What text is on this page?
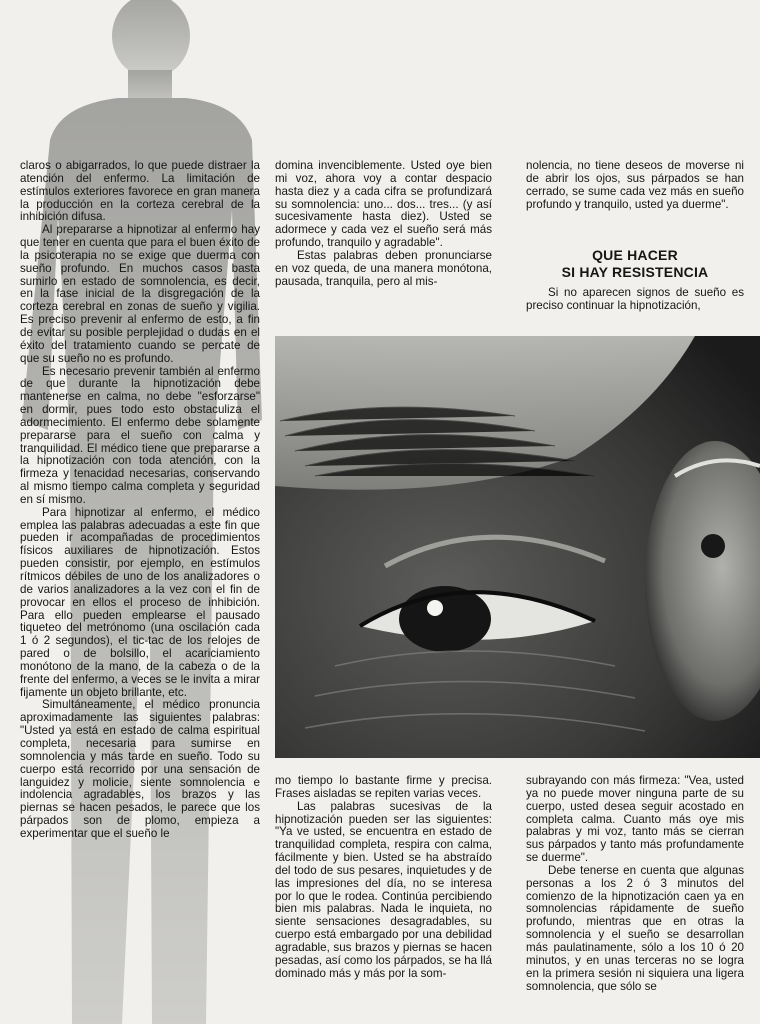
claros o abigarrados, lo que puede distraer la atención del enfermo. La limitación de estímulos exteriores favorece en gran manera la producción en la corteza cerebral de la inhibición difusa.

Al prepararse a hipnotizar al enfermo hay que tener en cuenta que para el buen éxito de la psicoterapia no se exige que duerma con sueño profundo. En muchos casos basta sumirlo en estado de somnolencia, es decir, en la fase inicial de la disgregación de la corteza cerebral en zonas de sueño y vigilia. Es preciso prevenir al enfermo de esto, a fin de evitar su posible perplejidad o dudas en el éxito del tratamiento cuando se percate de que su sueño no es profundo.

Es necesario prevenir también al enfermo de que durante la hipnotización debe mantenerse en calma, no debe "esforzarse" en dormir, pues todo esto obstaculiza el adormecimiento. El enfermo debe solamente prepararse para el sueño con calma y tranquilidad. El médico tiene que prepararse a la hipnotización con toda atención, con la firmeza y tenacidad necesarias, conservando al mismo tiempo calma completa y seguridad en sí mismo.

Para hipnotizar al enfermo, el médico emplea las palabras adecuadas a este fin que pueden ir acompañadas de procedimientos físicos auxiliares de hipnotización. Estos pueden consistir, por ejemplo, en estímulos rítmicos débiles de uno de los analizadores o de varios analizadores a la vez con el fin de provocar en ellos el proceso de inhibición. Para ello pueden emplearse el pausado tiqueteo del metrónomo (una oscilación cada 1 ó 2 segundos), el tic-tac de los relojes de pared o de bolsillo, el acariciamiento monótono de la mano, de la cabeza o de la frente del enfermo, a veces se le invita a mirar fijamente un objeto brillante, etc.

Simultáneamente, el médico pronuncia aproximadamente las siguientes palabras: "Usted ya está en estado de calma espiritual completa, necesaria para sumirse en somnolencia y más tarde en sueño. Todo su cuerpo está recorrido por una sensación de languidez y molicie, siente somnolencia e indolencia agradables, los brazos y las piernas se hacen pesados, le parece que los párpados son de plomo, empieza a experimentar que el sueño le

domina invenciblemente. Usted oye bien mi voz, ahora voy a contar despacio hasta diez y a cada cifra se profundizará su somnolencia: uno... dos... tres... (y así sucesivamente hasta diez). Usted se adormece y cada vez el sueño será más profundo, tranquilo y agradable".

Estas palabras deben pronunciarse en voz queda, de una manera monótona, pausada, tranquila, pero al mis-

nolencia, no tiene deseos de moverse ni de abrir los ojos, sus párpados se han cerrado, se sume cada vez más en sueño profundo y tranquilo, usted ya duerme".

QUE HACER
SI HAY RESISTENCIA

Si no aparecen signos de sueño es preciso continuar la hipnotización,

mo tiempo lo bastante firme y precisa. Frases aisladas se repiten varias veces.

Las palabras sucesivas de la hipnotización pueden ser las siguientes: "Ya ve usted, se encuentra en estado de tranquilidad completa, respira con calma, fácilmente y bien. Usted se ha abstraído del todo de sus pesares, inquietudes y de las impresiones del día, no se interesa por lo que le rodea. Continúa percibiendo bien mis palabras. Nada le inquieta, no siente sensaciones desagradables, su cuerpo está embargado por una debilidad agradable, sus brazos y piernas se hacen pesadas, así como los párpados, se ha llá dominado más y más por la som-

subrayando con más firmeza: "Vea, usted ya no puede mover ninguna parte de su cuerpo, usted desea seguir acostado en completa calma. Cuanto más oye mis palabras y mi voz, tanto más se cierran sus párpados y tanto más profundamente se duerme".

Debe tenerse en cuenta que algunas personas a los 2 ó 3 minutos del comienzo de la hipnotización caen ya en somnolencias rápidamente de sueño profundo, mientras que en otras la somnolencia y el sueño se desarrollan más paulatinamente, sólo a los 10 ó 20 minutos, y en unas terceras no se logra en la primera sesión ni siquiera una ligera somnolencia, que sólo se
